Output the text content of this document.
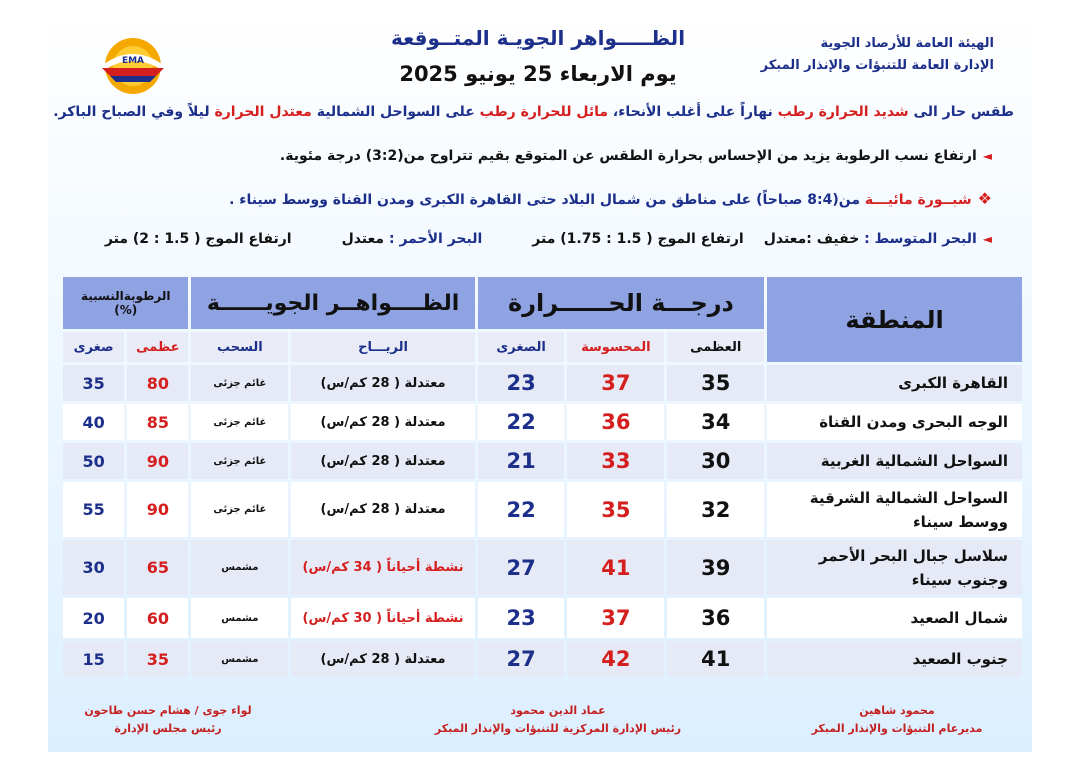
EMA
الهيئة العامة للأرصاد الجوية
الإدارة العامة للتنبؤات والإنذار المبكر
الظـــــواهر الجويـة المتــوقعة
يوم الاربعاء 25 يونيو 2025
طقس حار الى شديد الحرارة رطب نهاراً على أغلب الأنحاء، مائل للحرارة رطب على السواحل الشمالية معتدل الحرارة ليلاً وفي الصباح الباكر.
◄ارتفاع نسب الرطوبة يزيد من الإحساس بحرارة الطقس عن المتوقع بقيم تتراوح من(3:2) درجة مئوية.
❖شبــورة مائيـــة من(8:4 صباحاً) على مناطق من شمال البلاد حتى القاهرة الكبرى ومدن القناة ووسط سيناء .
◄البحر المتوسط : خفيف :معتدلارتفاع الموج ( 1.5 : 1.75) مترالبحر الأحمر : معتدلارتفاع الموج ( 1.5 : 2) متر
المنطقة	درجـــة الحــــــرارة			الظــــواهــر الجويــــــة		الرطوبةالنسبية
(%)	

	العظمى	المحسوسة	الصغرى	الريـــاح	السحب	عظمى	صغرى
القاهرة الكبرى	35	37	23	معتدلة ( 28 كم/س)	غائم جزئى	80	35
الوجه البحرى ومدن القناة	34	36	22	معتدلة ( 28 كم/س)	غائم جزئى	85	40
السواحل الشمالية الغربية	30	33	21	معتدلة ( 28 كم/س)	غائم جزئى	90	50
السواحل الشمالية الشرقية ووسط سيناء	32	35	22	معتدلة ( 28 كم/س)	غائم جزئى	90	55
سلاسل جبال البحر الأحمر وجنوب سيناء	39	41	27	نشطة أحياناً ( 34 كم/س)	مشمس	65	30
شمال الصعيد	36	37	23	نشطة أحياناً ( 30 كم/س)	مشمس	60	20
جنوب الصعيد	41	42	27	معتدلة ( 28 كم/س)	مشمس	35	15
محمود شاهين
مديرعام التنبؤات والإنذار المبكر
عماد الدين محمود
رئيس الإدارة المركزية للتنبؤات والإنذار المبكر
لواء جوى / هشام حسن طاحون
رئيس مجلس الإدارة
